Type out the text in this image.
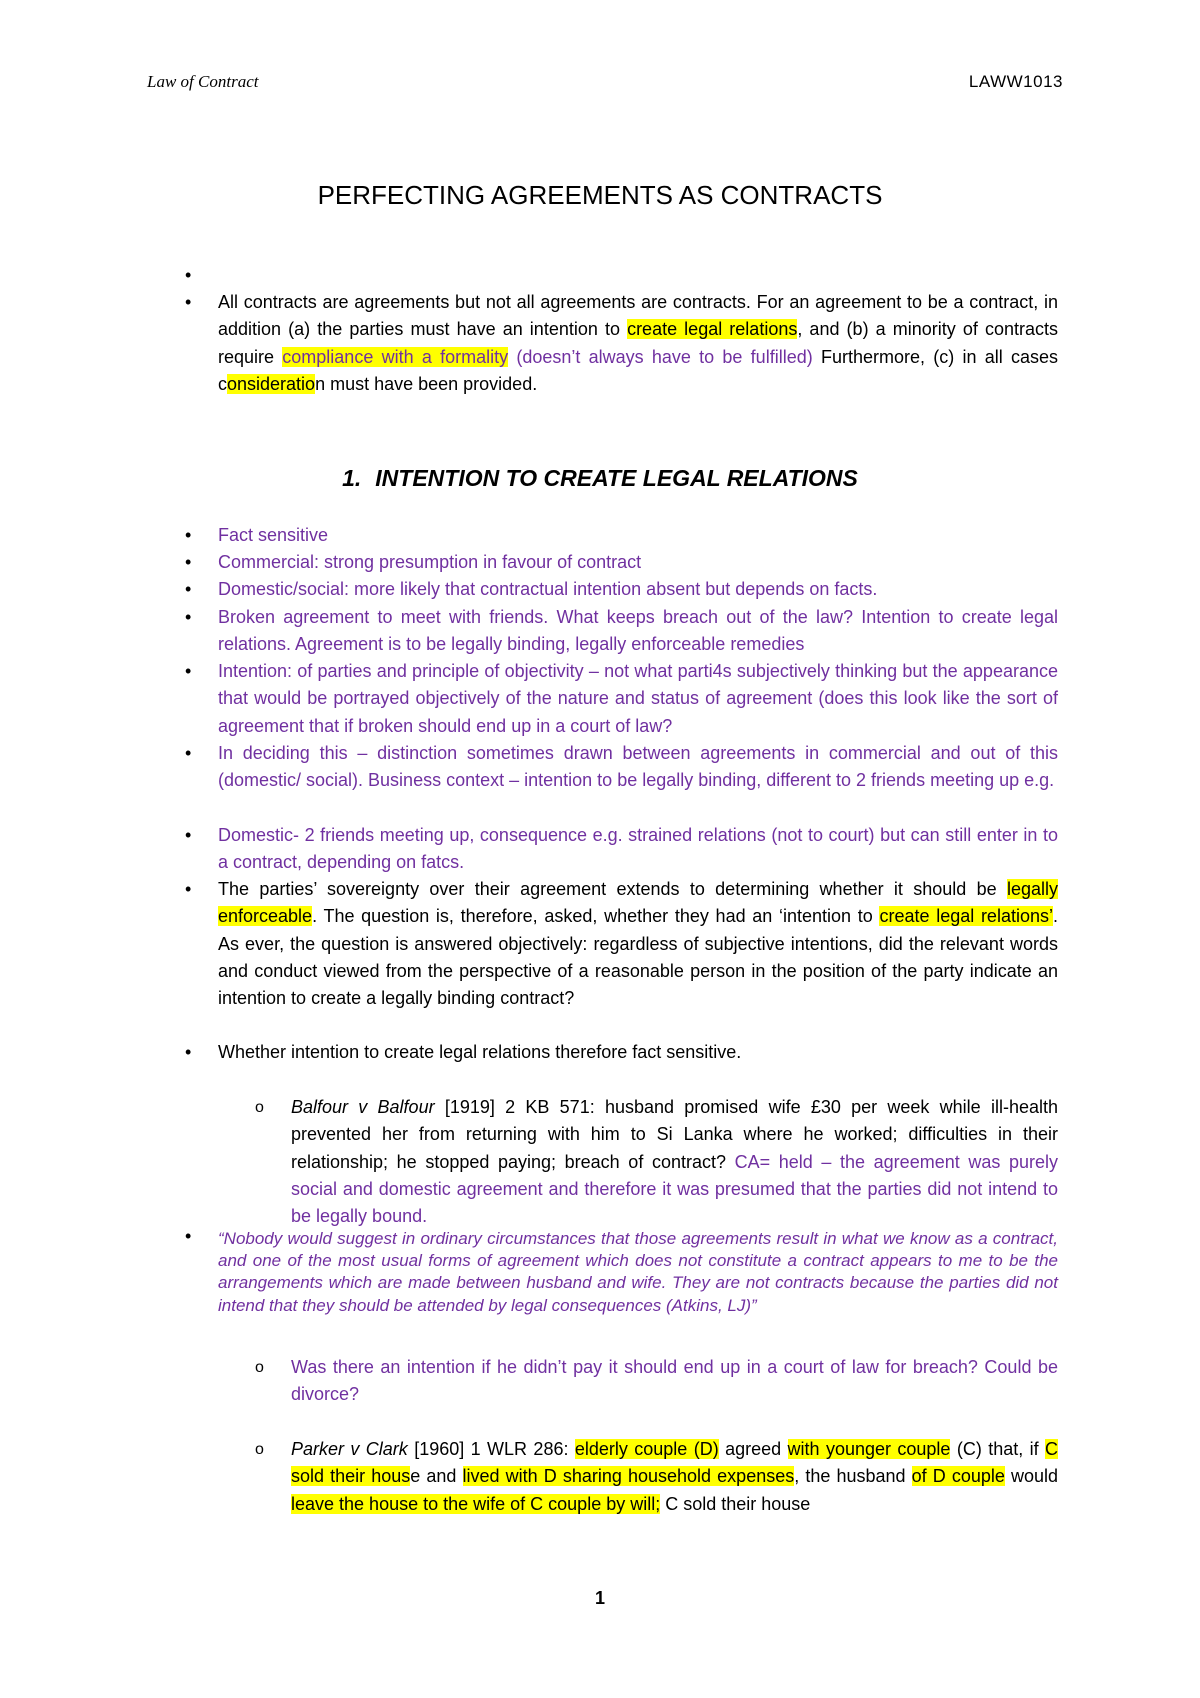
Law of Contract	LAWW1013
PERFECTING AGREEMENTS AS CONTRACTS
•
• All contracts are agreements but not all agreements are contracts. For an agreement to be a contract, in addition (a) the parties must have an intention to create legal relations, and (b) a minority of contracts require compliance with a formality (doesn’t always have to be fulfilled) Furthermore, (c) in all cases consideration must have been provided.
1. INTENTION TO CREATE LEGAL RELATIONS
• Fact sensitive
• Commercial: strong presumption in favour of contract
• Domestic/social: more likely that contractual intention absent but depends on facts.
• Broken agreement to meet with friends. What keeps breach out of the law? Intention to create legal relations. Agreement is to be legally binding, legally enforceable remedies
• Intention: of parties and principle of objectivity – not what parti4s subjectively thinking but the appearance that would be portrayed objectively of the nature and status of agreement (does this look like the sort of agreement that if broken should end up in a court of law?
• In deciding this – distinction sometimes drawn between agreements in commercial and out of this (domestic/ social). Business context – intention to be legally binding, different to 2 friends meeting up e.g.
• Domestic- 2 friends meeting up, consequence e.g. strained relations (not to court) but can still enter in to a contract, depending on fatcs.
• The parties’ sovereignty over their agreement extends to determining whether it should be legally enforceable. The question is, therefore, asked, whether they had an ‘intention to create legal relations’. As ever, the question is answered objectively: regardless of subjective intentions, did the relevant words and conduct viewed from the perspective of a reasonable person in the position of the party indicate an intention to create a legally binding contract?
• Whether intention to create legal relations therefore fact sensitive.
o Balfour v Balfour [1919] 2 KB 571: husband promised wife £30 per week while ill-health prevented her from returning with him to Si Lanka where he worked; difficulties in their relationship; he stopped paying; breach of contract? CA= held – the agreement was purely social and domestic agreement and therefore it was presumed that the parties did not intend to be legally bound.
• “Nobody would suggest in ordinary circumstances that those agreements result in what we know as a contract, and one of the most usual forms of agreement which does not constitute a contract appears to me to be the arrangements which are made between husband and wife. They are not contracts because the parties did not intend that they should be attended by legal consequences (Atkins, LJ)”
o Was there an intention if he didn’t pay it should end up in a court of law for breach? Could be divorce?
o Parker v Clark [1960] 1 WLR 286: elderly couple (D) agreed with younger couple (C) that, if C sold their house and lived with D sharing household expenses, the husband of D couple would leave the house to the wife of C couple by will; C sold their house
1
